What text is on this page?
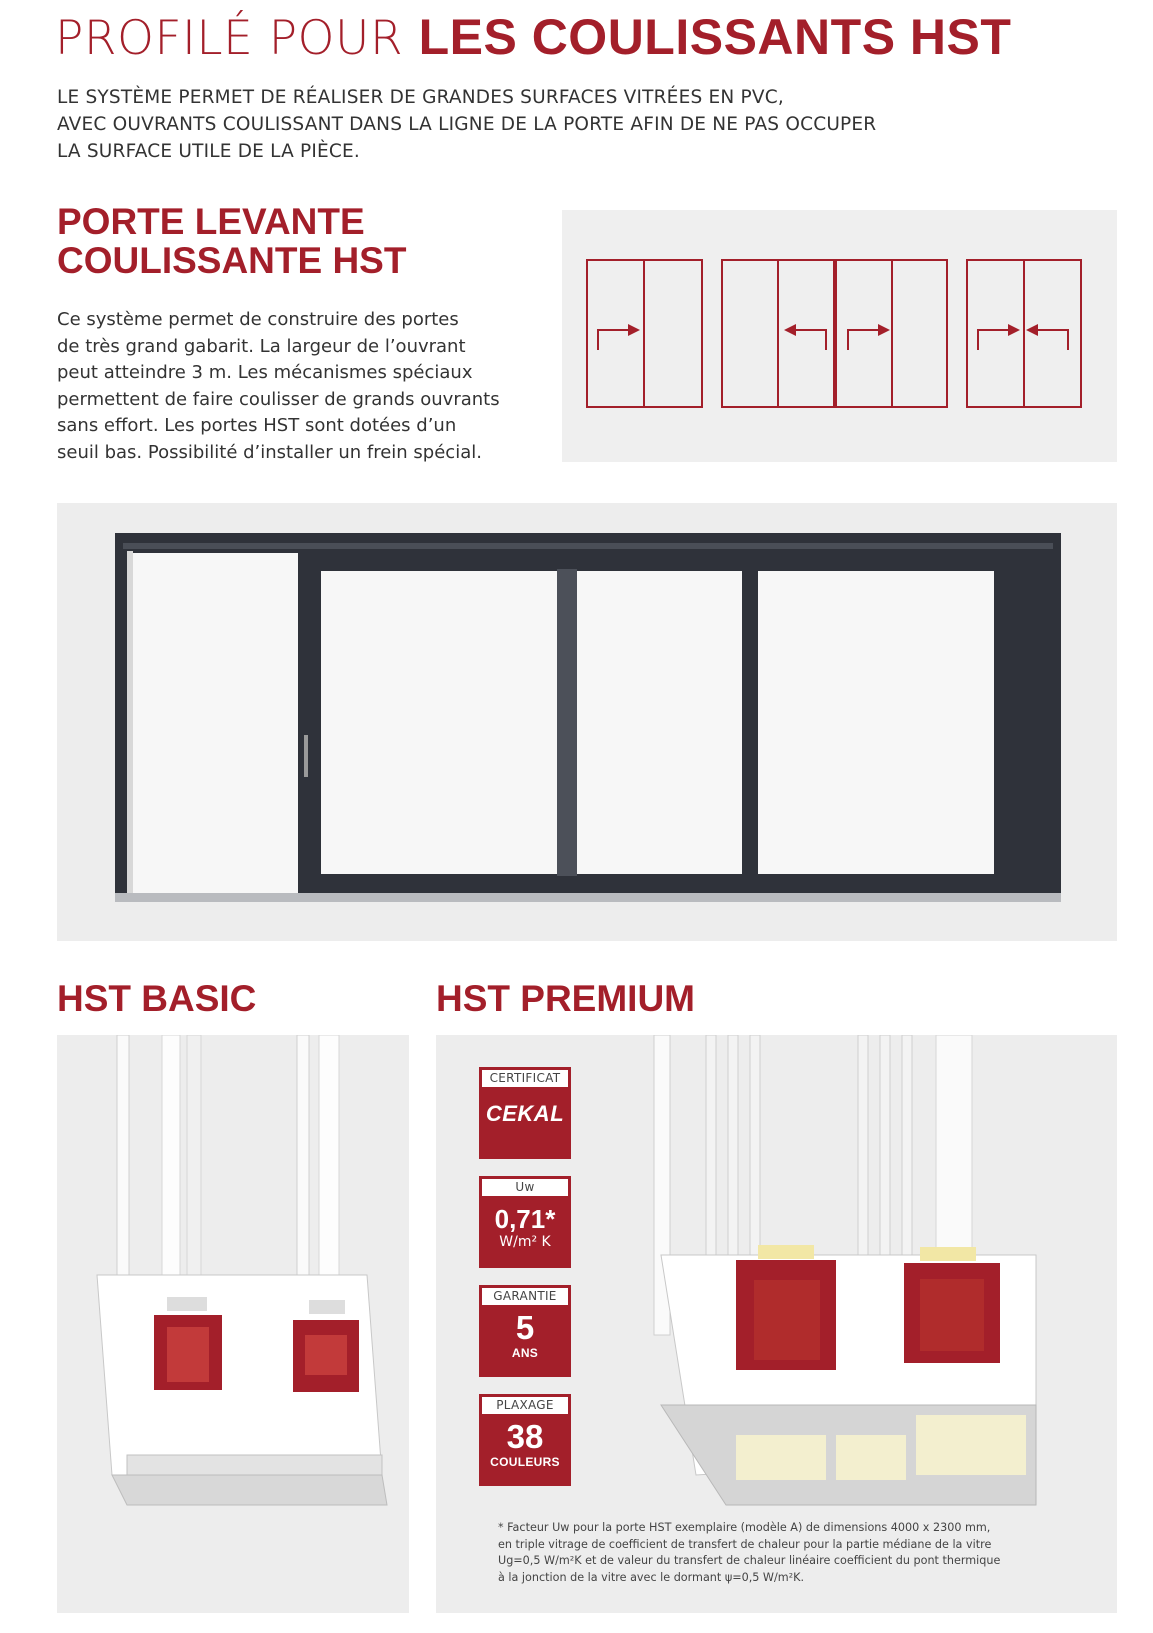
PROFILÉ POUR LES COULISSANTS HST
LE SYSTÈME PERMET DE RÉALISER DE GRANDES SURFACES VITRÉES EN PVC,
AVEC OUVRANTS COULISSANT DANS LA LIGNE DE LA PORTE AFIN DE NE PAS OCCUPER
LA SURFACE UTILE DE LA PIÈCE.
PORTE LEVANTE
COULISSANTE HST
Ce système permet de construire des portes
de très grand gabarit. La largeur de l’ouvrant
peut atteindre 3 m. Les mécanismes spéciaux
permettent de faire coulisser de grands ouvrants
sans effort. Les portes HST sont dotées d’un
seuil bas. Possibilité d’installer un frein spécial.
HST BASIC	HST PREMIUM
CERTIFICAT
CEKAL
Uw
0,71*
W/m² K
GARANTIE
5
ANS
PLAXAGE
38
COULEURS
* Facteur Uw pour la porte HST exemplaire (modèle A) de dimensions 4000 x 2300 mm,
en triple vitrage de coefficient de transfert de chaleur pour la partie médiane de la vitre
Ug=0,5 W/m²K et de valeur du transfert de chaleur linéaire coefficient du pont thermique
à la jonction de la vitre avec le dormant ψ=0,5 W/m²K.
